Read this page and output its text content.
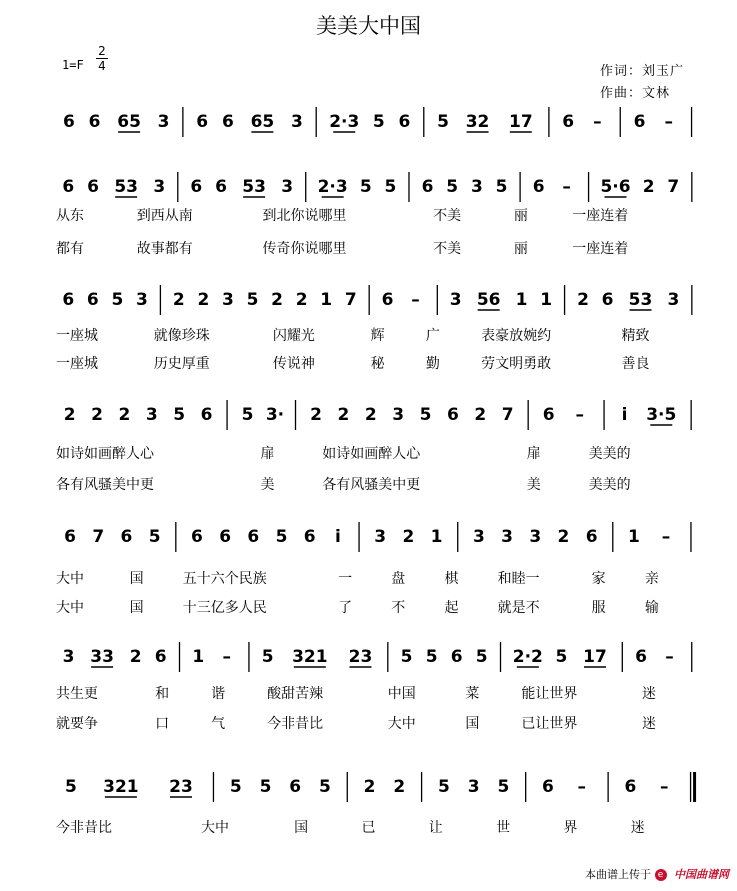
美美大中国
1=F
2
4	作词：刘玉广
作曲：文林
6 6 65 3 6 6 65 3 2·3 5 6 5 32 17 6 – 6 –
6 6 53 3 6 6 53 3 2·3 5 5 6 5 3 5 6 – 5·6 2 7
从东	到西从南	到北你说哪里	不美	丽	一座连着
都有	故事都有	传奇你说哪里	不美	丽	一座连着
6 6 5 3 2 2 3 5 2 2 1 7 6 – 3 56 1 1 2 6 53 3
一座城	就像珍珠	闪耀光	辉	广	表豪放婉约	精致
一座城	历史厚重	传说神	秘	勤	劳文明勇敢	善良
2 2 2 3 5 6 5 3· 2 2 2 3 5 6 2 7 6 – i 3·5
如诗如画醉人心	扉	如诗如画醉人心	扉	美美的
各有风骚美中更	美	各有风骚美中更	美	美美的
6 7 6 5 6 6 6 5 6 i 3 2 1 3 3 3 2 6 1 –
大中	国	五十六个民族	一	盘	棋	和睦一	家	亲
大中	国	十三亿多人民	了	不	起	就是不	服	输
3 33 2 6 1 – 5 321 23 5 5 6 5 2·2 5 17 6 –
共生更	和	谐	酸甜苦辣	中国	菜	能让世界	迷
就要争	口	气	今非昔比	大中	国	已让世界	迷
5 321 23 5 5 6 5 2 2 5 3 5 6 – 6 –
今非昔比	大中	国	已	让	世	界	迷
本曲谱上传于 e 中国曲谱网
